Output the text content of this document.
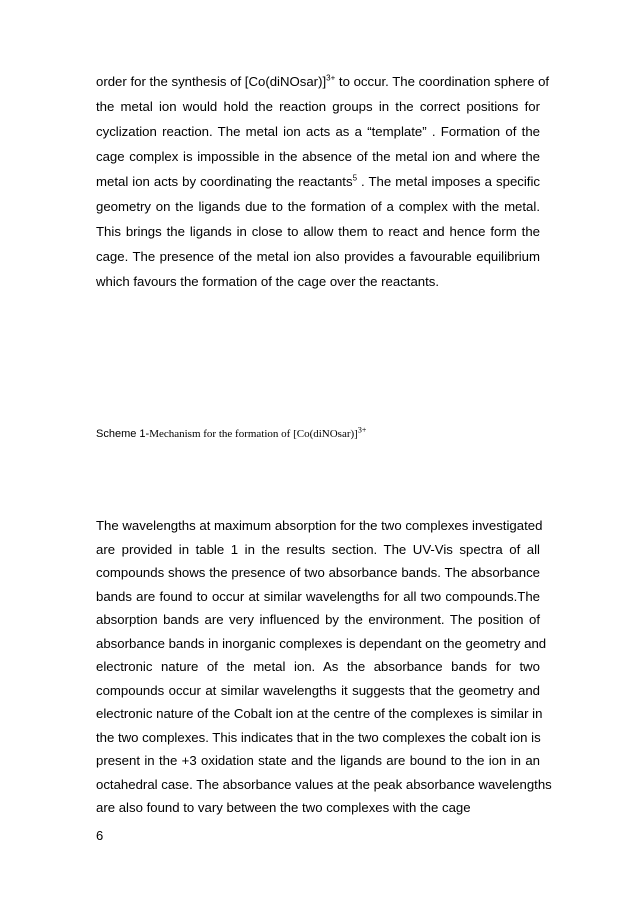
order for the synthesis of [Co(diNOsar)]$^{3+}$ to occur. The coordination sphere of
the metal ion would hold the reaction groups in the correct positions for
cyclization reaction. The metal ion acts as a “template” . Formation of the
cage complex is impossible in the absence of the metal ion and where the
metal ion acts by coordinating the reactants$^5$ . The metal imposes a specific
geometry on the ligands due to the formation of a complex with the metal.
This brings the ligands in close to allow them to react and hence form the
cage. The presence of the metal ion also provides a favourable equilibrium
which favours the formation of the cage over the reactants.
Scheme 1-Mechanism for the formation of [Co(diNOsar)]$^{3+}$
The wavelengths at maximum absorption for the two complexes investigated
are provided in table 1 in the results section. The UV-Vis spectra of all
compounds shows the presence of two absorbance bands. The absorbance
bands are found to occur at similar wavelengths for all two compounds.The
absorption bands are very influenced by the environment. The position of
absorbance bands in inorganic complexes is dependant on the geometry and
electronic nature of the metal ion. As the absorbance bands for two
compounds occur at similar wavelengths it suggests that the geometry and
electronic nature of the Cobalt ion at the centre of the complexes is similar in
the two complexes. This indicates that in the two complexes the cobalt ion is
present in the +3 oxidation state and the ligands are bound to the ion in an
octahedral case. The absorbance values at the peak absorbance wavelengths
are also found to vary between the two complexes with the cage
6
